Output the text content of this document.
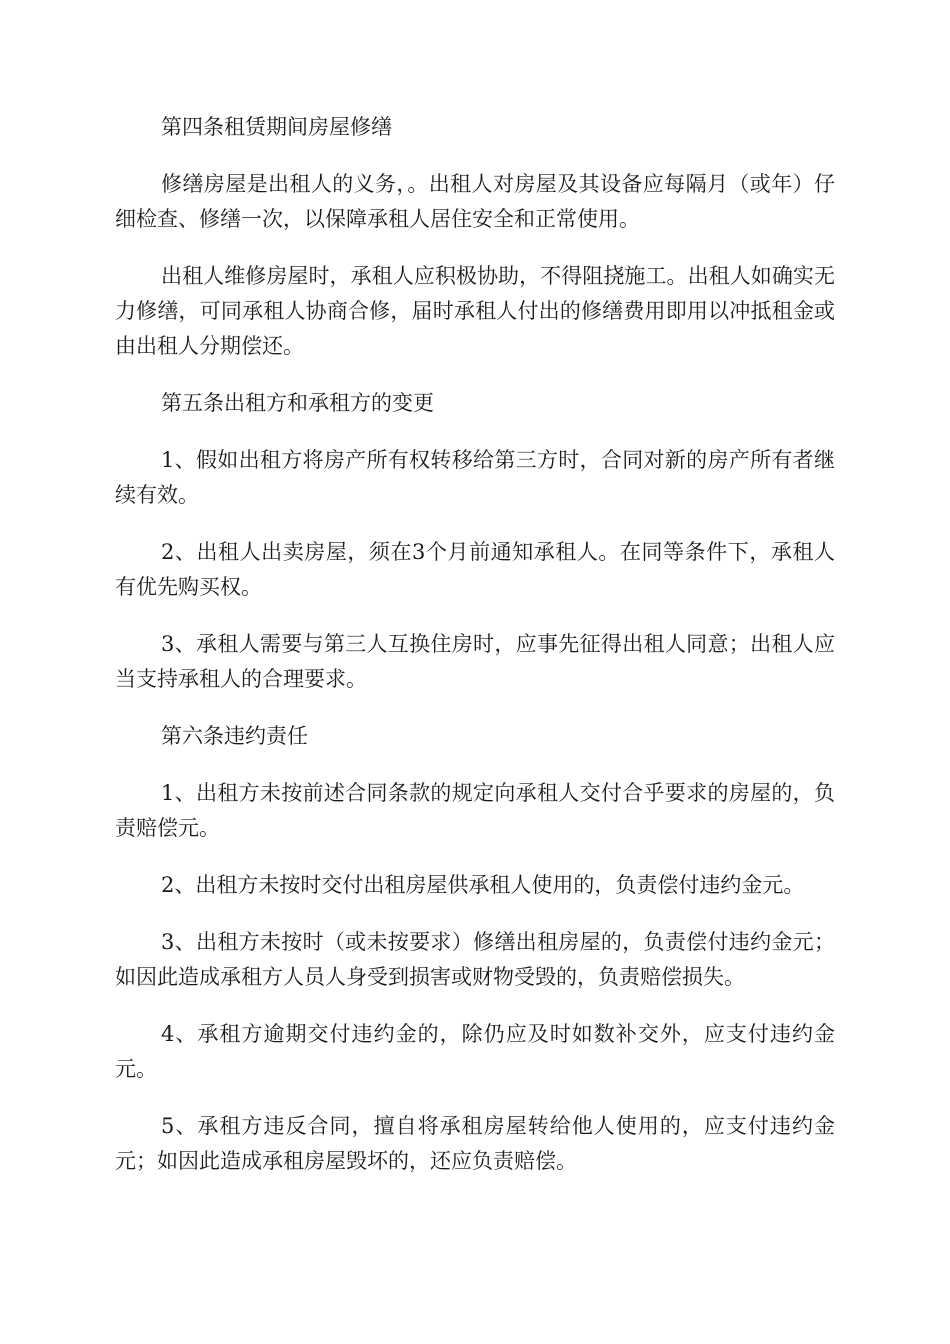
第四条租赁期间房屋修缮

修缮房屋是出租人的义务，。出租人对房屋及其设备应每隔月（或年）仔细检查、修缮一次，以保障承租人居住安全和正常使用。

出租人维修房屋时，承租人应积极协助，不得阻挠施工。出租人如确实无力修缮，可同承租人协商合修，届时承租人付出的修缮费用即用以冲抵租金或由出租人分期偿还。

第五条出租方和承租方的变更

1、假如出租方将房产所有权转移给第三方时，合同对新的房产所有者继续有效。

2、出租人出卖房屋，须在3个月前通知承租人。在同等条件下，承租人有优先购买权。

3、承租人需要与第三人互换住房时，应事先征得出租人同意；出租人应当支持承租人的合理要求。

第六条违约责任

1、出租方未按前述合同条款的规定向承租人交付合乎要求的房屋的，负责赔偿元。

2、出租方未按时交付出租房屋供承租人使用的，负责偿付违约金元。

3、出租方未按时（或未按要求）修缮出租房屋的，负责偿付违约金元；如因此造成承租方人员人身受到损害或财物受毁的，负责赔偿损失。

4、承租方逾期交付违约金的，除仍应及时如数补交外，应支付违约金元。

5、承租方违反合同，擅自将承租房屋转给他人使用的，应支付违约金元；如因此造成承租房屋毁坏的，还应负责赔偿。
